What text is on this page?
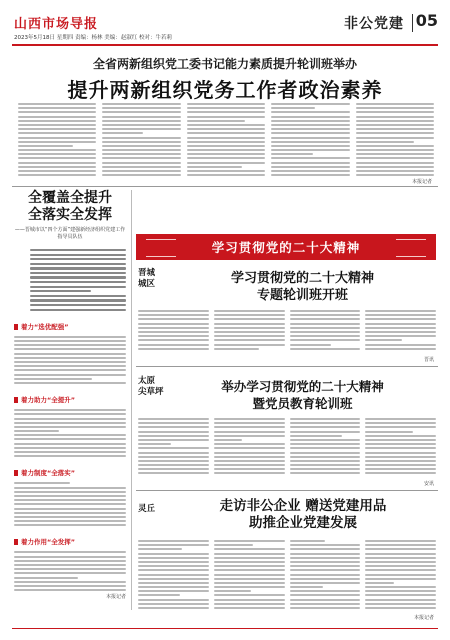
山西市场导报
2023年5月18日 星期四 责编：杨林 美编：赵淑红 校对：牛若莉
非公党建 05
全省两新组织党工委书记能力素质提升轮训班举办
提升两新组织党务工作者政治素养
本报记者
全覆盖全提升
全落实全发挥
——晋城市以“四个方面”建强新经济组织党建工作指导员队伍
着力“选优配强”
着力助力“全提升”
着力制度“全落实”
着力作用“全发挥”
本报记者
学习贯彻党的二十大精神
晋城
城区	学习贯彻党的二十大精神
专题轮训班开班
晋讯
太原
尖草坪	举办学习贯彻党的二十大精神
暨党员教育轮训班
安讯
灵丘	走访非公企业 赠送党建用品
助推企业党建发展
本报记者
